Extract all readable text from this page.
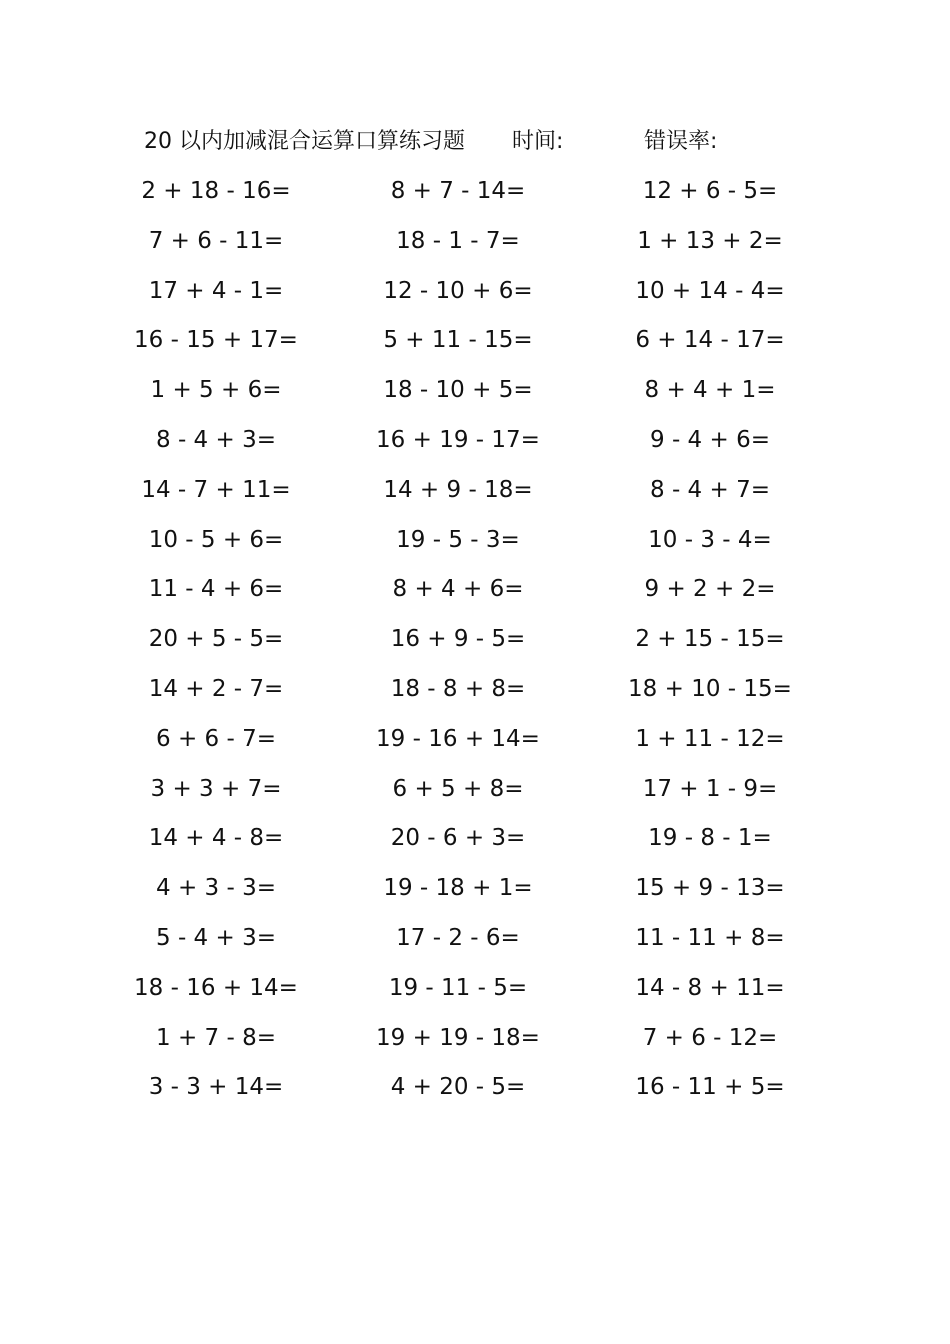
20 以内加减混合运算口算练习题 时间:	错误率:
2 + 18 - 16=	8 + 7 - 14=	12 + 6 - 5=
7 + 6 - 11=	18 - 1 - 7=	1 + 13 + 2=
17 + 4 - 1=	12 - 10 + 6=	10 + 14 - 4=
16 - 15 + 17=	5 + 11 - 15=	6 + 14 - 17=
1 + 5 + 6=	18 - 10 + 5=	8 + 4 + 1=
8 - 4 + 3=	16 + 19 - 17=	9 - 4 + 6=
14 - 7 + 11=	14 + 9 - 18=	8 - 4 + 7=
10 - 5 + 6=	19 - 5 - 3=	10 - 3 - 4=
11 - 4 + 6=	8 + 4 + 6=	9 + 2 + 2=
20 + 5 - 5=	16 + 9 - 5=	2 + 15 - 15=
14 + 2 - 7=	18 - 8 + 8=	18 + 10 - 15=
6 + 6 - 7=	19 - 16 + 14=	1 + 11 - 12=
3 + 3 + 7=	6 + 5 + 8=	17 + 1 - 9=
14 + 4 - 8=	20 - 6 + 3=	19 - 8 - 1=
4 + 3 - 3=	19 - 18 + 1=	15 + 9 - 13=
5 - 4 + 3=	17 - 2 - 6=	11 - 11 + 8=
18 - 16 + 14=	19 - 11 - 5=	14 - 8 + 11=
1 + 7 - 8=	19 + 19 - 18=	7 + 6 - 12=
3 - 3 + 14=	4 + 20 - 5=	16 - 11 + 5=
